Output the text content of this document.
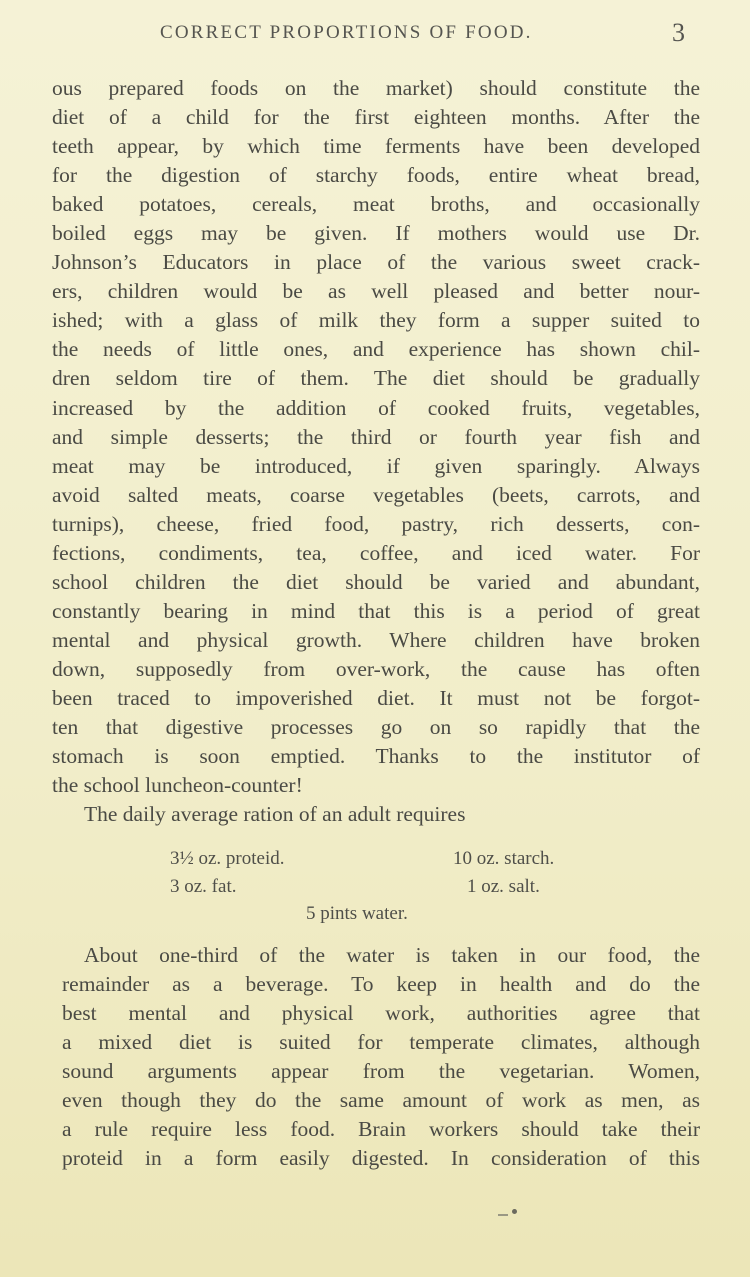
CORRECT PROPORTIONS OF FOOD.	3
ous prepared foods on the market) should constitute the
diet of a child for the first eighteen months. After the
teeth appear, by which time ferments have been developed
for the digestion of starchy foods, entire wheat bread,
baked potatoes, cereals, meat broths, and occasionally
boiled eggs may be given. If mothers would use Dr.
Johnson’s Educators in place of the various sweet crack-
ers, children would be as well pleased and better nour-
ished; with a glass of milk they form a supper suited to
the needs of little ones, and experience has shown chil-
dren seldom tire of them. The diet should be gradually
increased by the addition of cooked fruits, vegetables,
and simple desserts; the third or fourth year fish and
meat may be introduced, if given sparingly. Always
avoid salted meats, coarse vegetables (beets, carrots, and
turnips), cheese, fried food, pastry, rich desserts, con-
fections, condiments, tea, coffee, and iced water. For
school children the diet should be varied and abundant,
constantly bearing in mind that this is a period of great
mental and physical growth. Where children have broken
down, supposedly from over-work, the cause has often
been traced to impoverished diet. It must not be forgot-
ten that digestive processes go on so rapidly that the
stomach is soon emptied. Thanks to the institutor of
the school luncheon-counter!
The daily average ration of an adult requires
3½ oz. proteid.	10 oz. starch.
3 oz. fat.	1 oz. salt.
5 pints water.
About one-third of the water is taken in our food, the
remainder as a beverage. To keep in health and do the
best mental and physical work, authorities agree that
a mixed diet is suited for temperate climates, although
sound arguments appear from the vegetarian. Women,
even though they do the same amount of work as men, as
a rule require less food. Brain workers should take their
proteid in a form easily digested. In consideration of this
